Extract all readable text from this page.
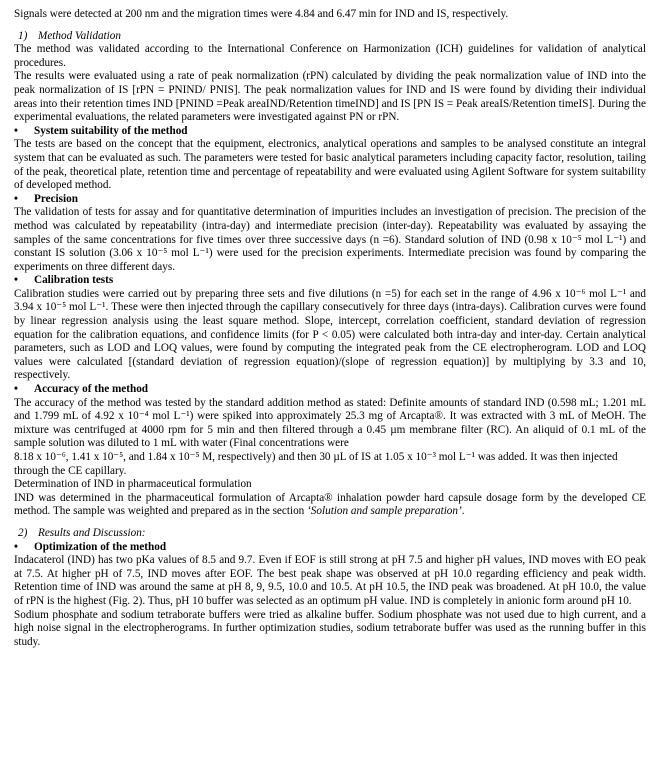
Signals were detected at 200 nm and the migration times were 4.84 and 6.47 min for IND and IS, respectively.

1) Method Validation

The method was validated according to the International Conference on Harmonization (ICH) guidelines for validation of analytical procedures.

The results were evaluated using a rate of peak normalization (rPN) calculated by dividing the peak normalization value of IND into the peak normalization of IS [rPN = PNIND/ PNIS]. The peak normalization values for IND and IS were found by dividing their individual areas into their retention times IND [PNIND =Peak areaIND/Retention timeIND] and IS [PN IS = Peak areaIS/Retention timeIS]. During the experimental evaluations, the related parameters were investigated against PN or rPN.

•	System suitability of the method

The tests are based on the concept that the equipment, electronics, analytical operations and samples to be analysed constitute an integral system that can be evaluated as such. The parameters were tested for basic analytical parameters including capacity factor, resolution, tailing of the peak, theoretical plate, retention time and percentage of repeatability and were evaluated using Agilent Software for system suitability of developed method.

•	Precision

The validation of tests for assay and for quantitative determination of impurities includes an investigation of precision. The precision of the method was calculated by repeatability (intra-day) and intermediate precision (inter-day). Repeatability was evaluated by assaying the samples of the same concentrations for five times over three successive days (n =6). Standard solution of IND (0.98 x 10⁻⁵ mol L⁻¹) and constant IS solution (3.06 x 10⁻⁵ mol L⁻¹) were used for the precision experiments. Intermediate precision was found by comparing the experiments on three different days.

•	Calibration tests

Calibration studies were carried out by preparing three sets and five dilutions (n =5) for each set in the range of 4.96 x 10⁻⁶ mol L⁻¹ and 3.94 x 10⁻⁵ mol L⁻¹. These were then injected through the capillary consecutively for three days (intra-days). Calibration curves were found by linear regression analysis using the least square method. Slope, intercept, correlation coefficient, standard deviation of regression equation for the calibration equations, and confidence limits (for P < 0.05) were calculated both intra-day and inter-day. Certain analytical parameters, such as LOD and LOQ values, were found by computing the integrated peak from the CE electropherogram. LOD and LOQ values were calculated [(standard deviation of regression equation)/(slope of regression equation)] by multiplying by 3.3 and 10, respectively.

•	Accuracy of the method

The accuracy of the method was tested by the standard addition method as stated: Definite amounts of standard IND (0.598 mL; 1.201 mL and 1.799 mL of 4.92 x 10⁻⁴ mol L⁻¹) were spiked into approximately 25.3 mg of Arcapta®. It was extracted with 3 mL of MeOH. The mixture was centrifuged at 4000 rpm for 5 min and then filtered through a 0.45 µm membrane filter (RC). An aliquid of 0.1 mL of the sample solution was diluted to 1 mL with water (Final concentrations were

8.18 x 10⁻⁶, 1.41 x 10⁻⁵, and 1.84 x 10⁻⁵ M, respectively) and then 30 µL of IS at 1.05 x 10⁻³ mol L⁻¹ was added. It was then injected through the CE capillary.

Determination of IND in pharmaceutical formulation

IND was determined in the pharmaceutical formulation of Arcapta® inhalation powder hard capsule dosage form by the developed CE method. The sample was weighted and prepared as in the section ‘Solution and sample preparation’.

2) Results and Discussion:

•	Optimization of the method

Indacaterol (IND) has two pKa values of 8.5 and 9.7. Even if EOF is still strong at pH 7.5 and higher pH values, IND moves with EO peak at 7.5. At higher pH of 7.5, IND moves after EOF. The best peak shape was observed at pH 10.0 regarding efficiency and peak width. Retention time of IND was around the same at pH 8, 9, 9.5, 10.0 and 10.5. At pH 10.5, the IND peak was broadened. At pH 10.0, the value of rPN is the highest (Fig. 2). Thus, pH 10 buffer was selected as an optimum pH value. IND is completely in anionic form around pH 10.

Sodium phosphate and sodium tetraborate buffers were tried as alkaline buffer. Sodium phosphate was not used due to high current, and a high noise signal in the electropherograms. In further optimization studies, sodium tetraborate buffer was used as the running buffer in this study.
